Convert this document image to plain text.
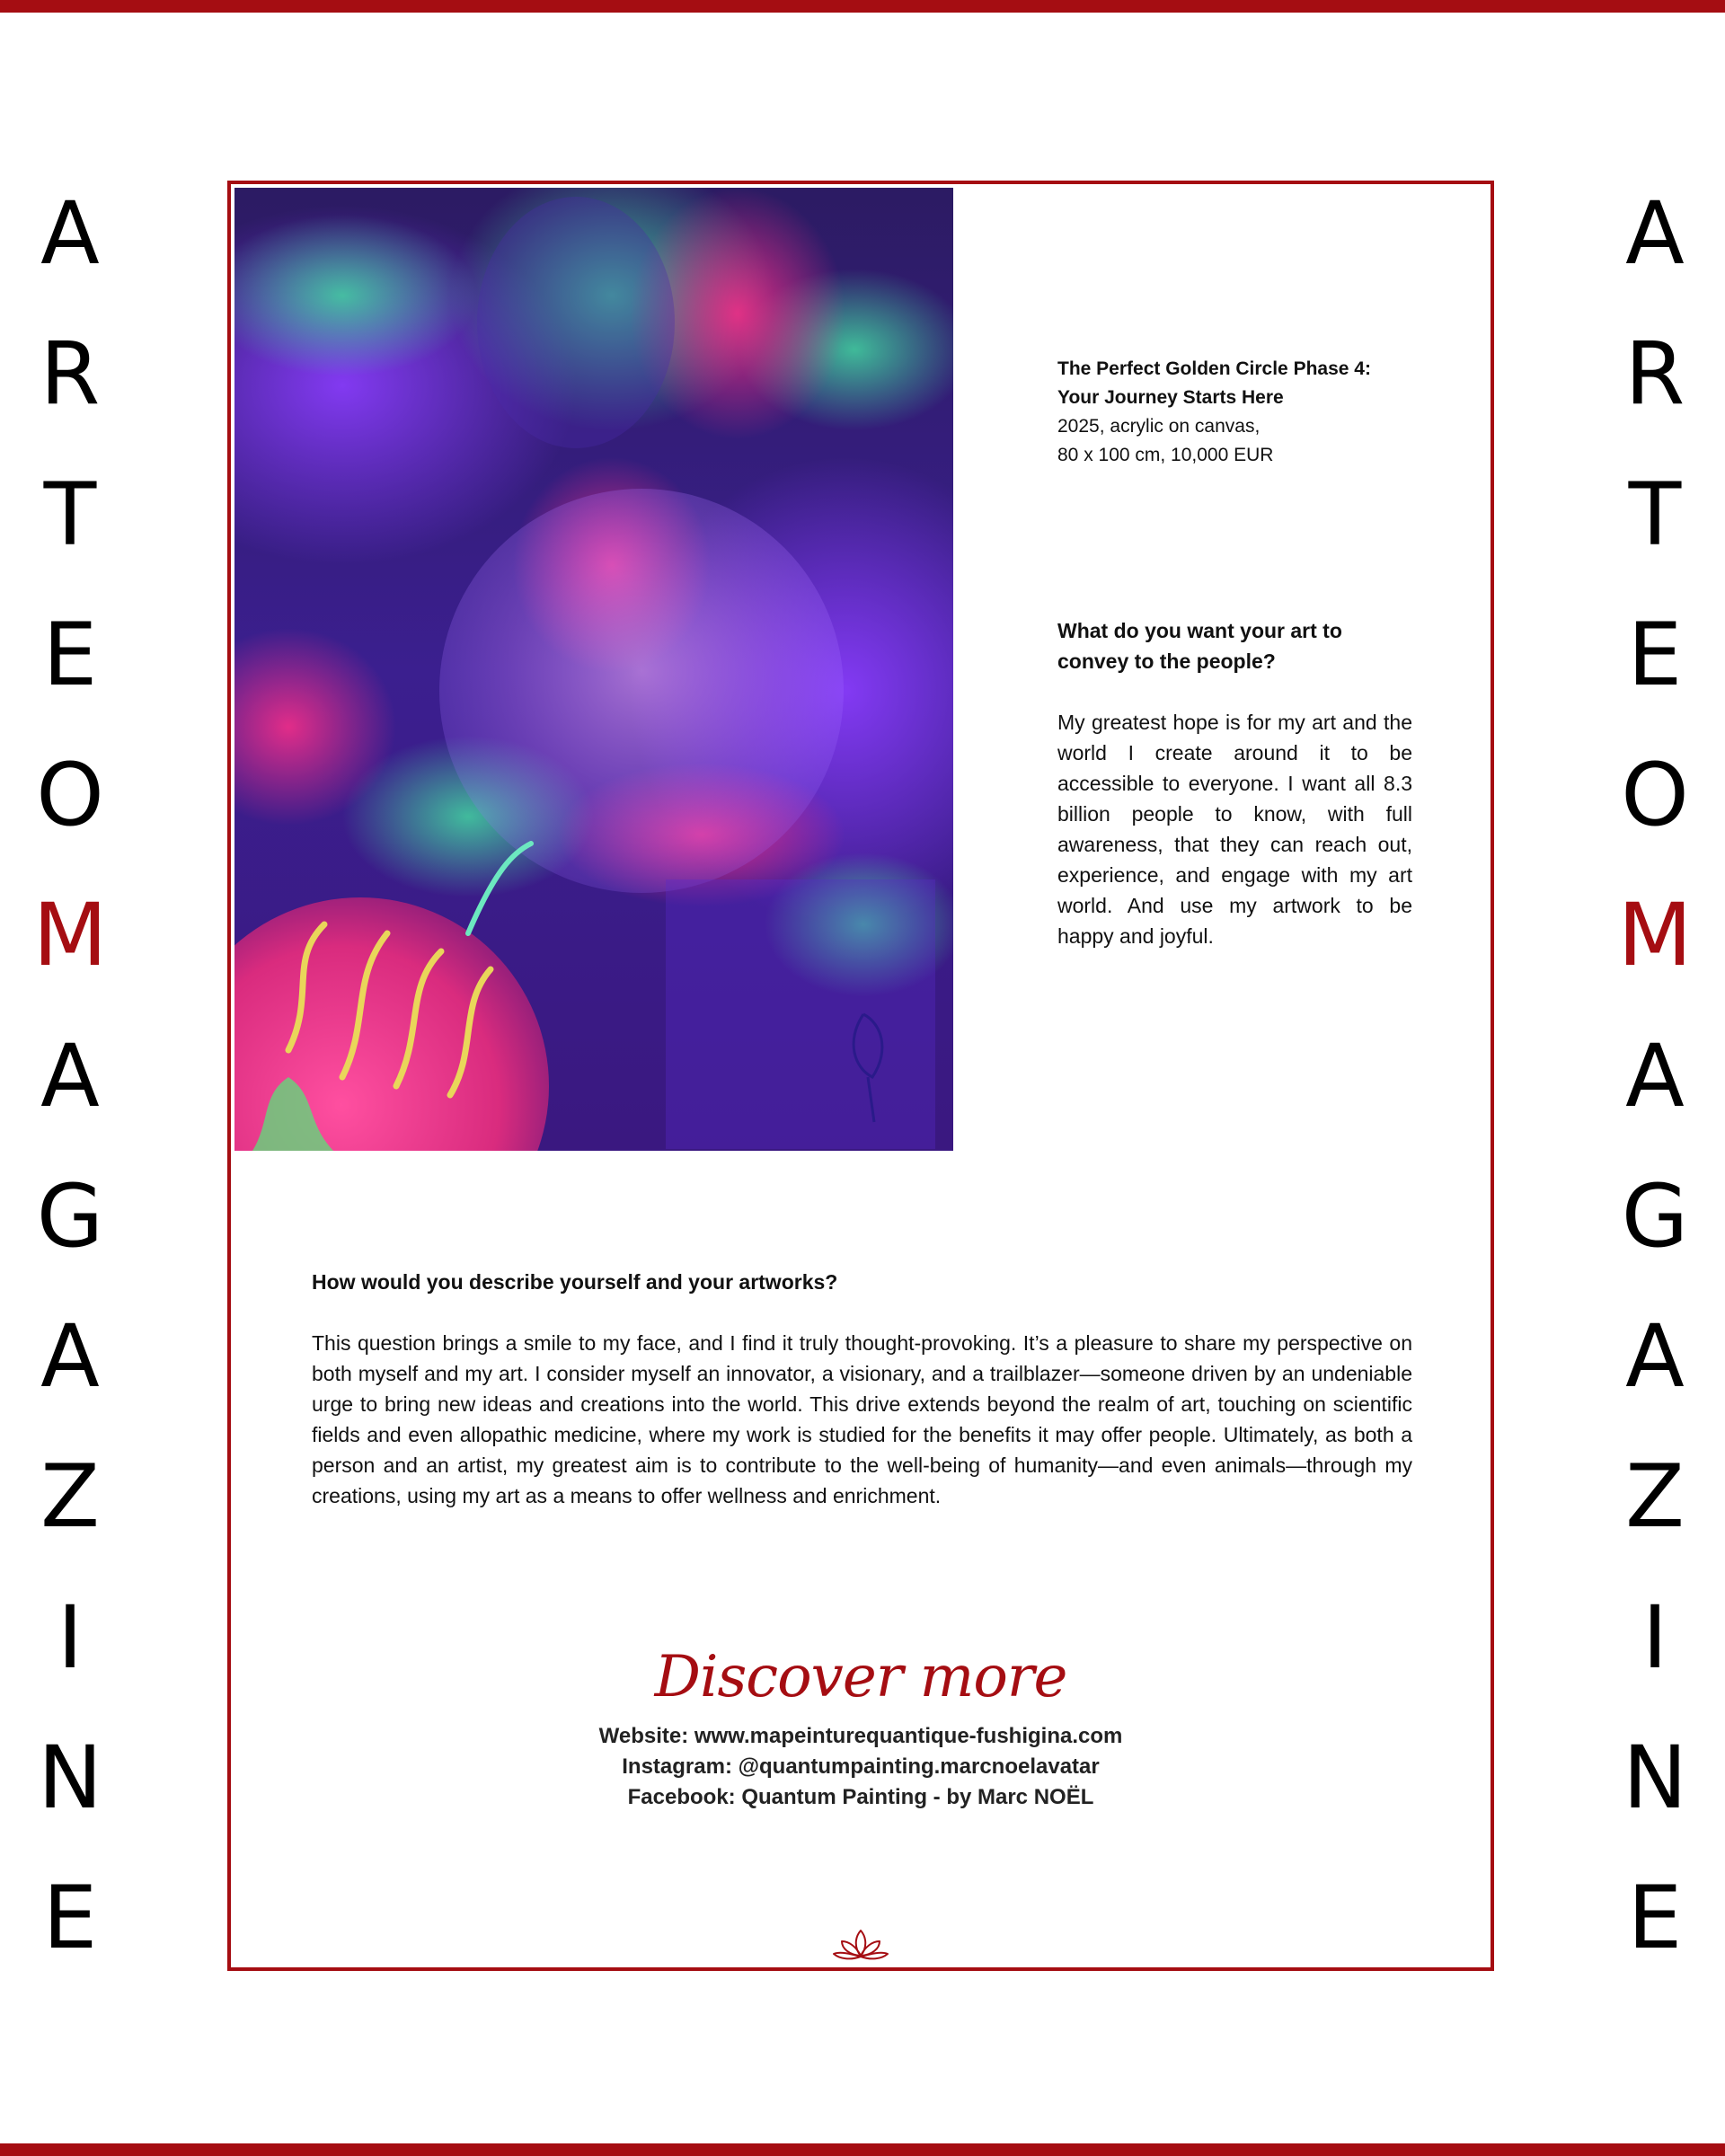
A
R
T
E
O
M
A
G
A
Z
I
N
E
A
R
T
E
O
M
A
G
A
Z
I
N
E
The Perfect Golden Circle Phase 4:
Your Journey Starts Here
2025, acrylic on canvas,
80 x 100 cm, 10,000 EUR

What do you want your art to convey to the people?

My greatest hope is for my art and the world I create around it to be accessible to everyone. I want all 8.3 billion people to know, with full awareness, that they can reach out, experience, and engage with my art world. And use my artwork to be happy and joyful.

How would you describe yourself and your artworks?

This question brings a smile to my face, and I find it truly thought-provoking. It’s a pleasure to share my perspective on both myself and my art. I consider myself an innovator, a visionary, and a trailblazer—someone driven by an undeniable urge to bring new ideas and creations into the world. This drive extends beyond the realm of art, touching on scientific fields and even allopathic medicine, where my work is studied for the benefits it may offer people. Ultimately, as both a person and an artist, my greatest aim is to contribute to the well-being of humanity—and even animals—through my creations, using my art as a means to offer wellness and enrichment.

Discover more
Website: www.mapeinturequantique-fushigina.com
Instagram: @quantumpainting.marcnoelavatar
Facebook: Quantum Painting - by Marc NOËL
